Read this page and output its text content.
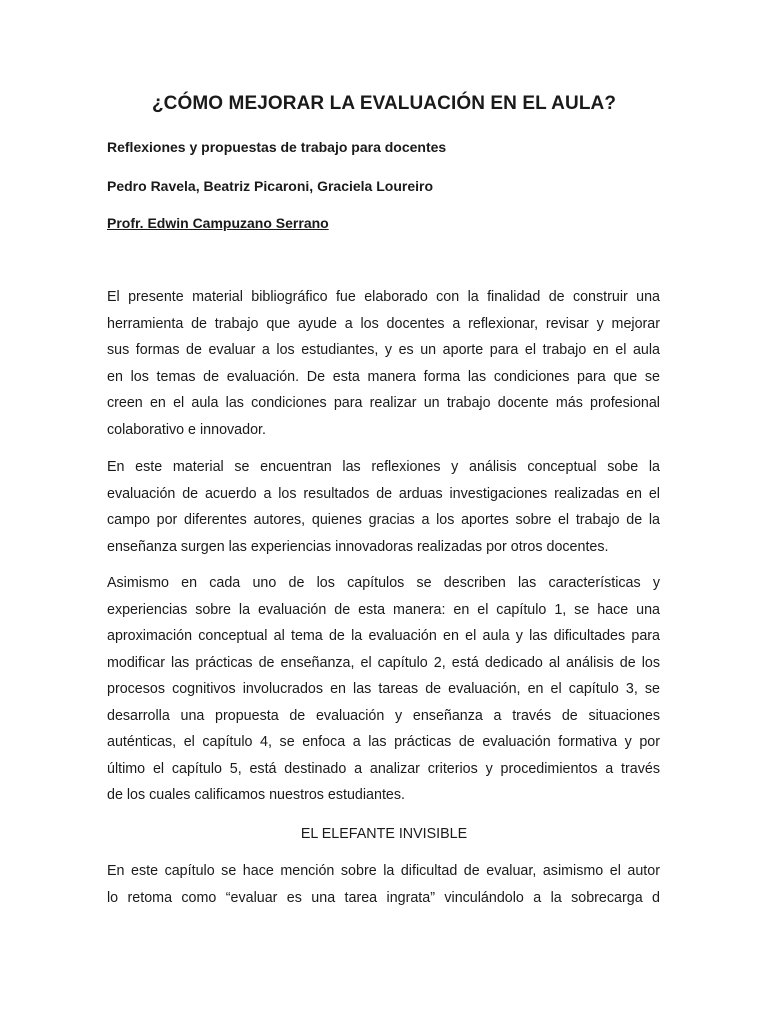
¿CÓMO MEJORAR LA EVALUACIÓN EN EL AULA?
Reflexiones y propuestas de trabajo para docentes
Pedro Ravela, Beatriz Picaroni, Graciela Loureiro
Profr. Edwin Campuzano Serrano
El presente material bibliográfico fue elaborado con la finalidad de construir una
herramienta de trabajo que ayude a los docentes a reflexionar, revisar y mejorar
sus formas de evaluar a los estudiantes, y es un aporte para el trabajo en el aula
en los temas de evaluación. De esta manera forma las condiciones para que se
creen en el aula las condiciones para realizar un trabajo docente más profesional
colaborativo e innovador.
En este material se encuentran las reflexiones y análisis conceptual sobe la
evaluación de acuerdo a los resultados de arduas investigaciones realizadas en el
campo por diferentes autores, quienes gracias a los aportes sobre el trabajo de la
enseñanza surgen las experiencias innovadoras realizadas por otros docentes.
Asimismo en cada uno de los capítulos se describen las características y
experiencias sobre la evaluación de esta manera: en el capítulo 1, se hace una
aproximación conceptual al tema de la evaluación en el aula y las dificultades para
modificar las prácticas de enseñanza, el capítulo 2, está dedicado al análisis de los
procesos cognitivos involucrados en las tareas de evaluación, en el capítulo 3, se
desarrolla una propuesta de evaluación y enseñanza a través de situaciones
auténticas, el capítulo 4, se enfoca a las prácticas de evaluación formativa y por
último el capítulo 5, está destinado a analizar criterios y procedimientos a través
de los cuales calificamos nuestros estudiantes.
EL ELEFANTE INVISIBLE
En este capítulo se hace mención sobre la dificultad de evaluar, asimismo el autor
lo retoma como “evaluar es una tarea ingrata” vinculándolo a la sobrecarga d
